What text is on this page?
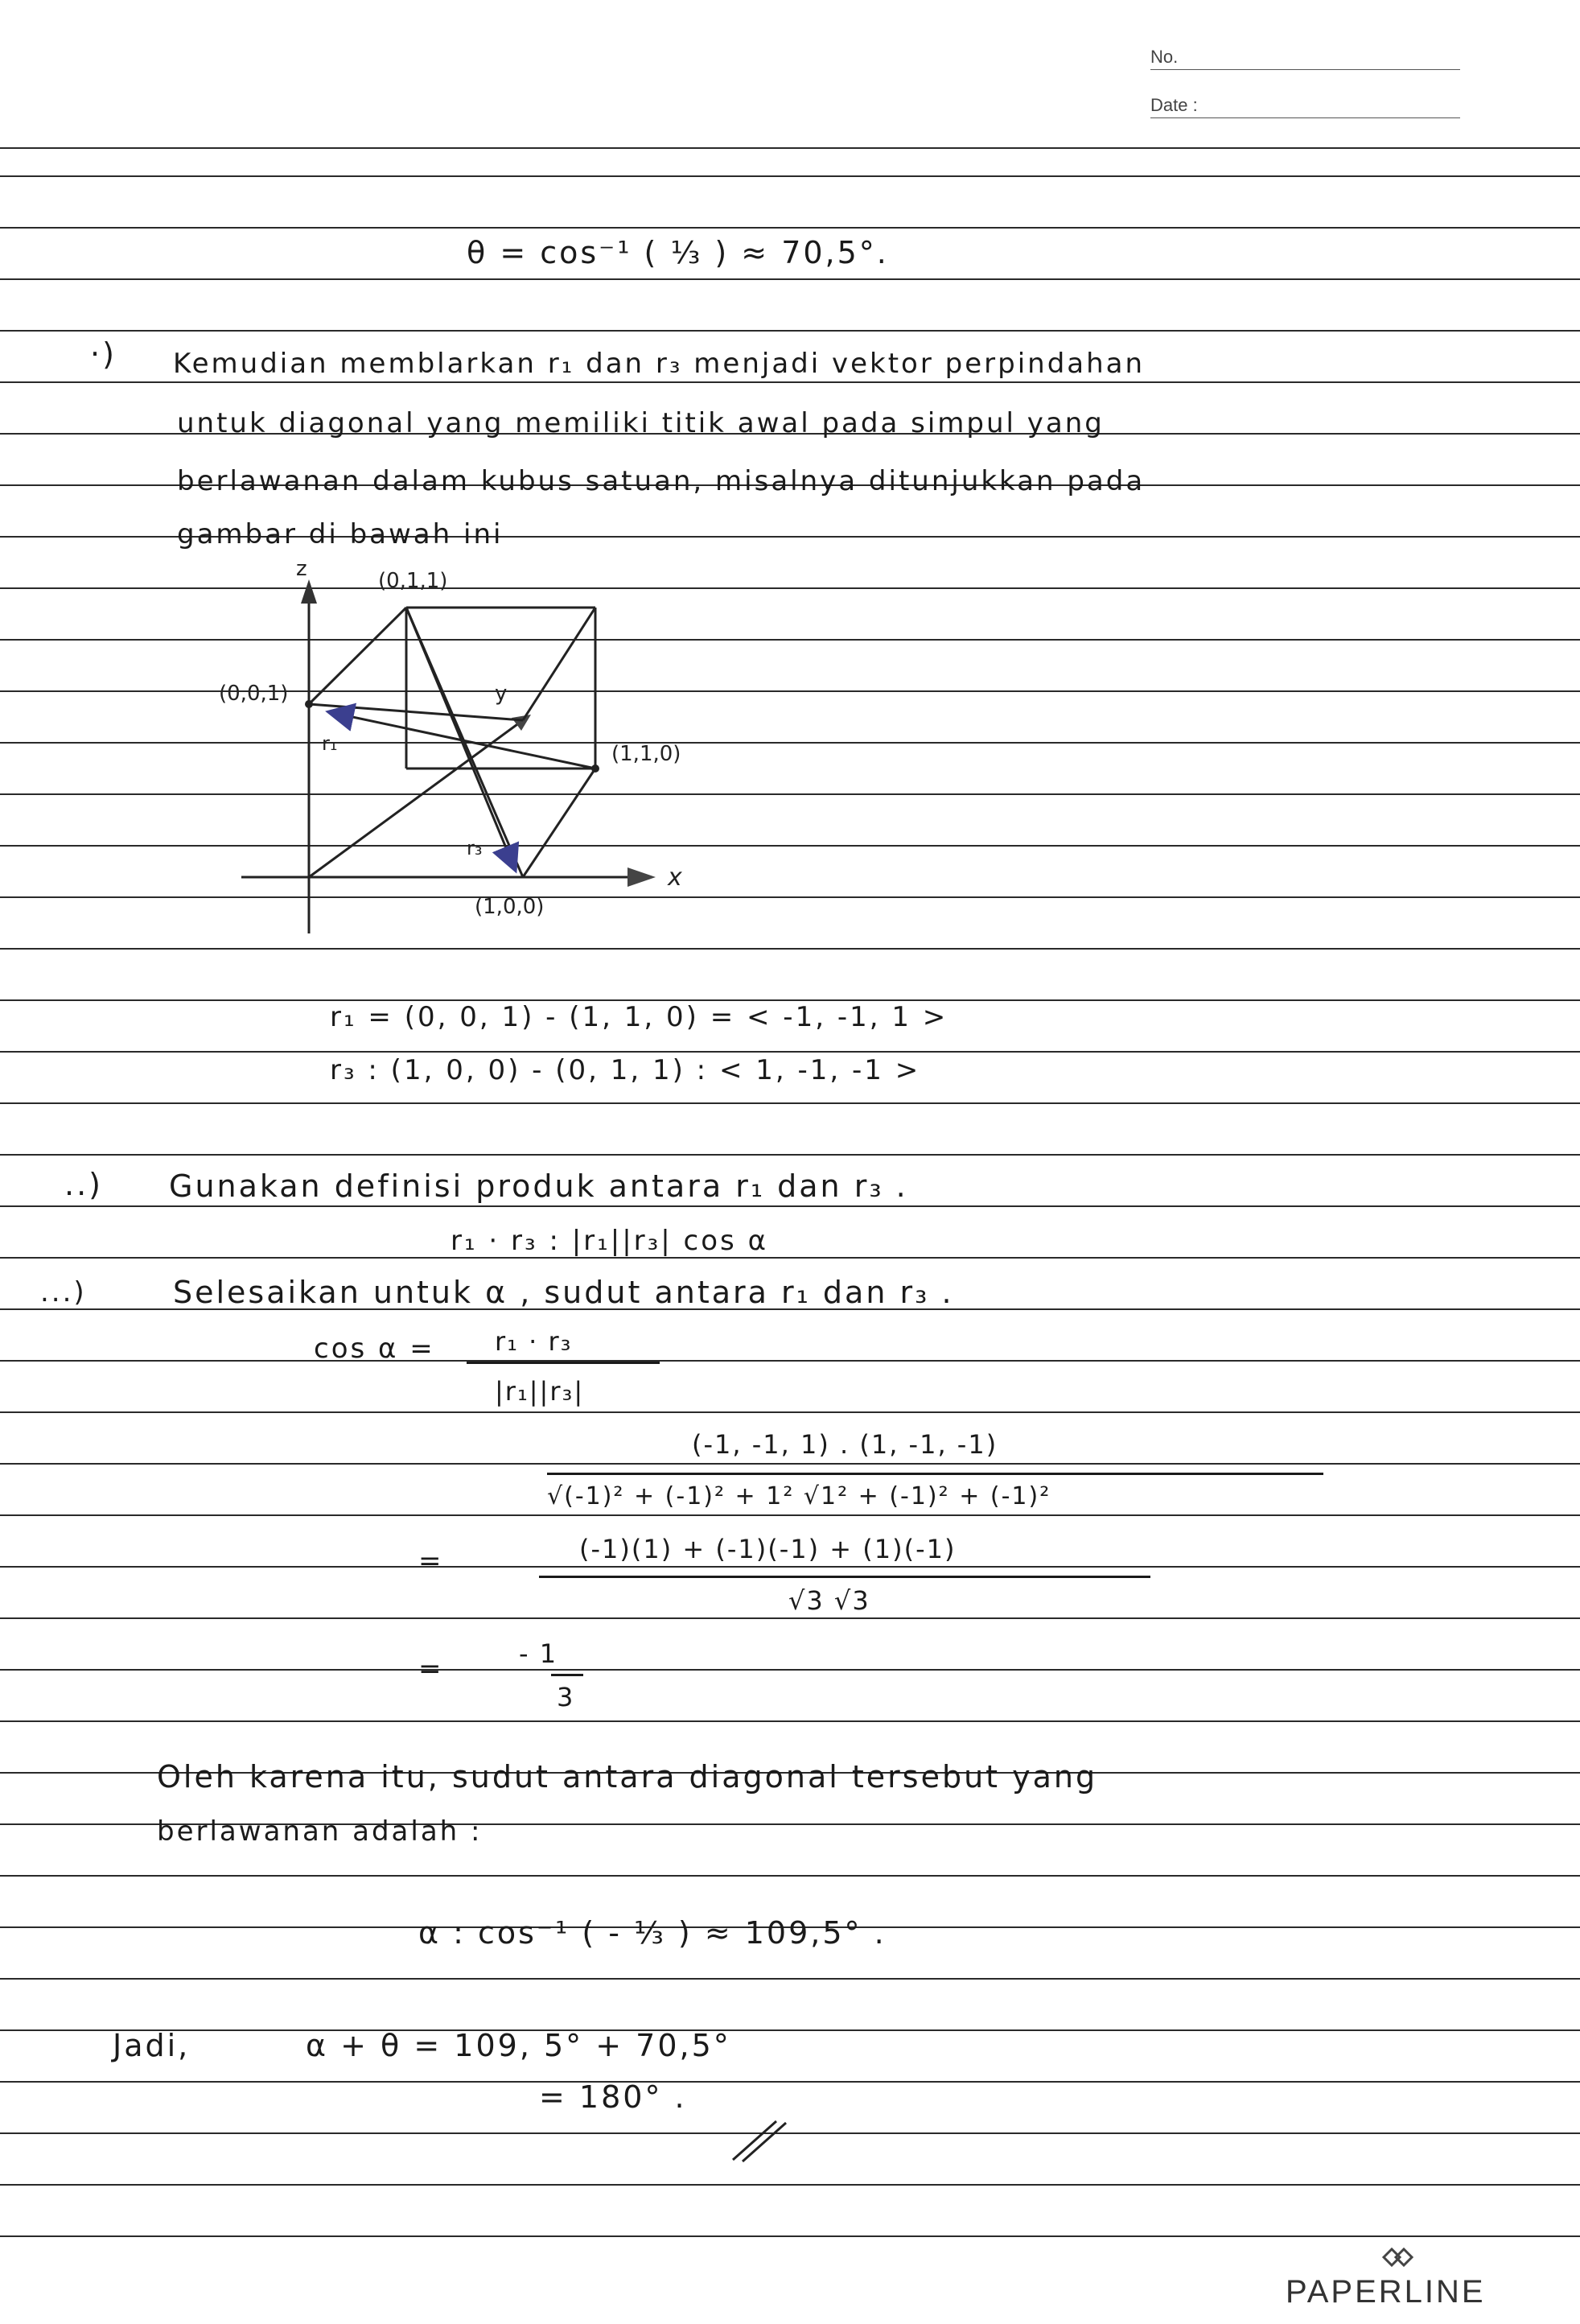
No.
Date :
θ = cos⁻¹ ( ⅓ ) ≈ 70,5°.
·) Kemudian memblarkan r₁ dan r₃ menjadi vektor perpindahan
untuk diagonal yang memiliki titik awal pada simpul yang
berlawanan dalam kubus satuan, misalnya ditunjukkan pada
gambar di bawah ini
z
x
(0,1,1)
(0,0,1)
(1,1,0)
(1,0,0)
y
r₁
r₃
r₁ = (0, 0, 1) - (1, 1, 0) = < -1, -1, 1 >
r₃ : (1, 0, 0) - (0, 1, 1) : < 1, -1, -1 >
..) Gunakan definisi produk antara r₁ dan r₃ .
r₁ · r₃ : |r₁||r₃| cos α
...)	Selesaikan untuk α , sudut antara r₁ dan r₃ .
cos α = r₁ · r₃
|r₁||r₃|
(-1, -1, 1) . (1, -1, -1)
√(-1)² + (-1)² + 1² √1² + (-1)² + (-1)²
=	(-1)(1) + (-1)(-1) + (1)(-1)
√3 √3
=	- 1
3
Oleh karena itu, sudut antara diagonal tersebut yang
berlawanan adalah :
α : cos⁻¹ ( - ⅓ ) ≈ 109,5° .
Jadi,	α + θ = 109, 5° + 70,5°
= 180° .
PAPERLINE
